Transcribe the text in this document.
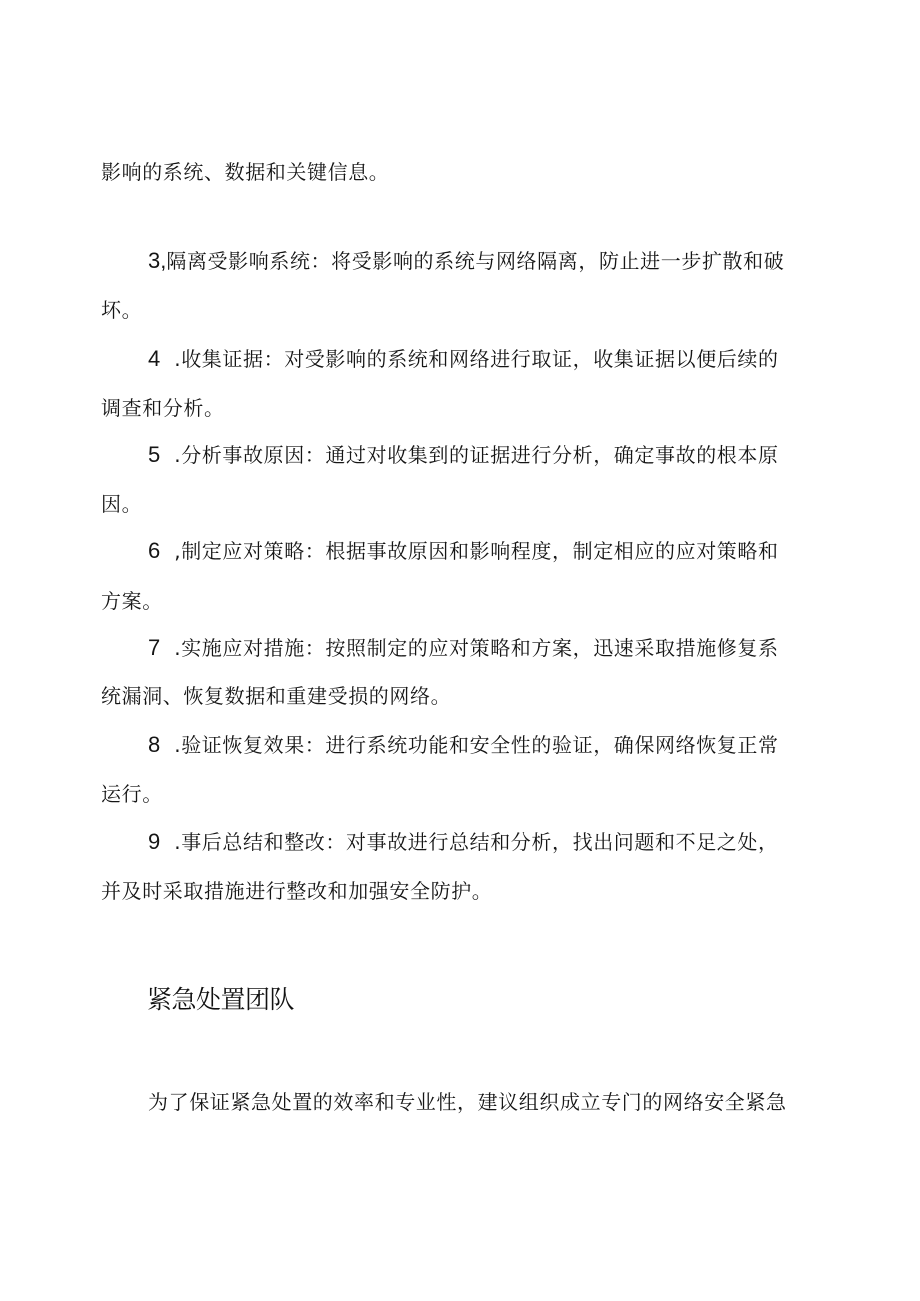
影响的系统、数据和关键信息。
3,隔离受影响系统：将受影响的系统与网络隔离，防止进一步扩散和破
坏。
4 .收集证据：对受影响的系统和网络进行取证，收集证据以便后续的
调查和分析。
5 .分析事故原因：通过对收集到的证据进行分析，确定事故的根本原
因。
6 ,制定应对策略：根据事故原因和影响程度，制定相应的应对策略和
方案。
7 .实施应对措施：按照制定的应对策略和方案，迅速采取措施修复系
统漏洞、恢复数据和重建受损的网络。
8 .验证恢复效果：进行系统功能和安全性的验证，确保网络恢复正常
运行。
9 .事后总结和整改：对事故进行总结和分析，找出问题和不足之处，
并及时采取措施进行整改和加强安全防护。
紧急处置团队
为了保证紧急处置的效率和专业性，建议组织成立专门的网络安全紧急
